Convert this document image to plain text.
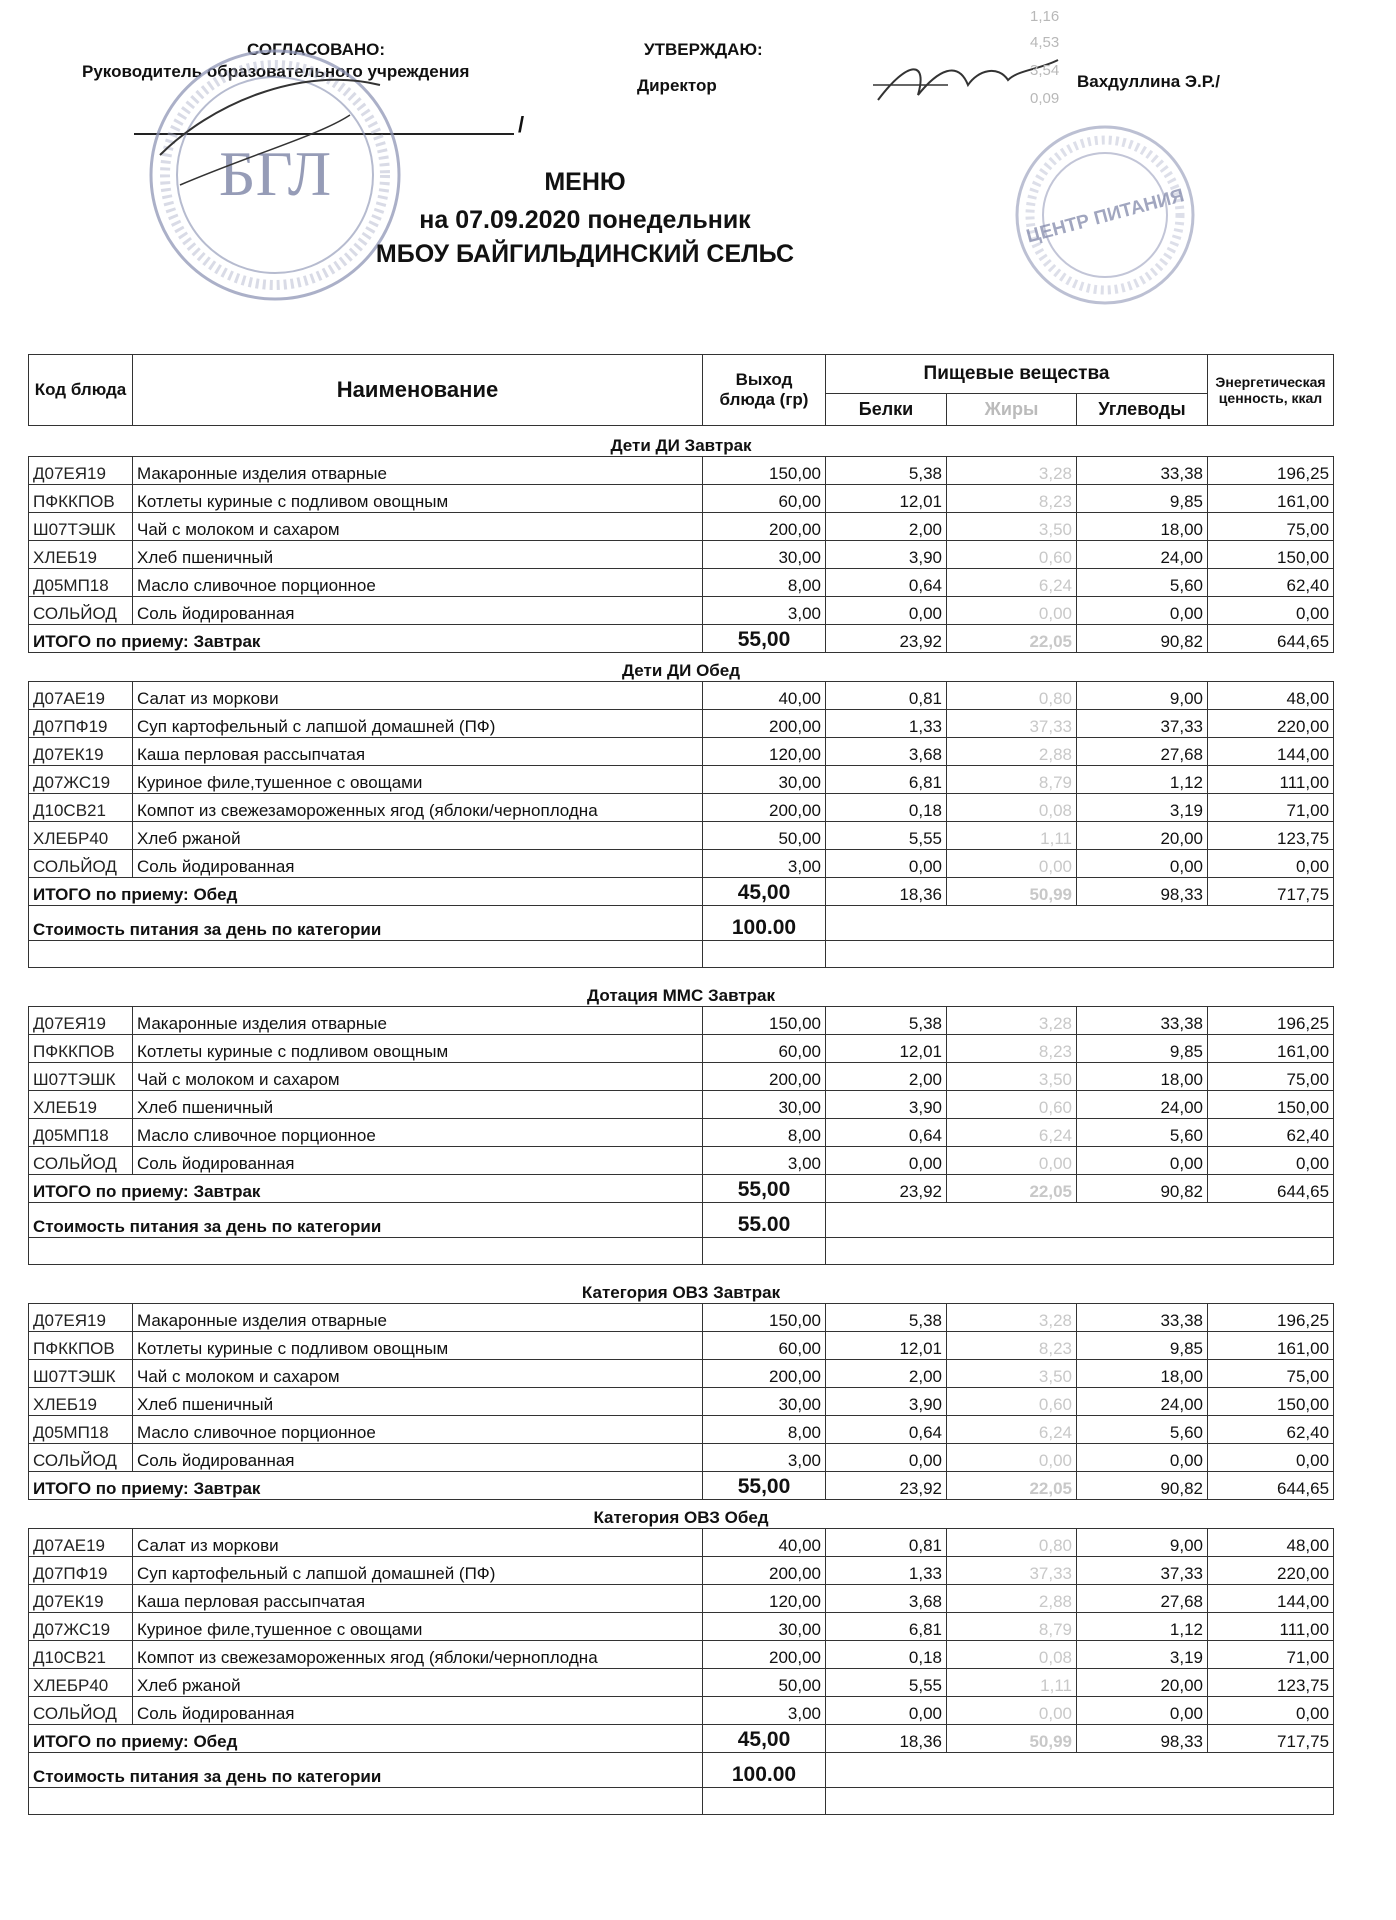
СОГЛАСОВАНО:
Руководитель образовательного учреждения
УТВЕРЖДАЮ:
Директор	Вахдуллина Э.Р./
/
БГЛ
ЦЕНТР ПИТАНИЯ
1,16
4,53
3,54
0,09
МЕНЮ
на 07.09.2020 понедельник
МБОУ БАЙГИЛЬДИНСКИЙ СЕЛЬС
Код блюда	Наименование	Выход блюда (гр)	Пищевые вещества			Энергетическая ценность, ккал
			Белки	Жиры	Углеводы	
Дети ДИ Завтрак						
Д07ЕЯ19	Макаронные изделия отварные	150,00	5,38	3,28	33,38	196,25
ПФККПОВ	Котлеты куриные с подливом овощным	60,00	12,01	8,23	9,85	161,00
Ш07ТЭШК	Чай с молоком и сахаром	200,00	2,00	3,50	18,00	75,00
ХЛЕБ19	Хлеб пшеничный	30,00	3,90	0,60	24,00	150,00
Д05МП18	Масло сливочное порционное	8,00	0,64	6,24	5,60	62,40
СОЛЬЙОД	Соль йодированная	3,00	0,00	0,00	0,00	0,00
ИТОГО по приему: Завтрак		55,00	23,92	22,05	90,82	644,65
Дети ДИ Обед						
Д07АЕ19	Салат из моркови	40,00	0,81	0,80	9,00	48,00
Д07ПФ19	Суп картофельный с лапшой домашней (ПФ)	200,00	1,33	37,33	37,33	220,00
Д07ЕК19	Каша перловая рассыпчатая	120,00	3,68	2,88	27,68	144,00
Д07ЖС19	Куриное филе,тушенное с овощами	30,00	6,81	8,79	1,12	111,00
Д10СВ21	Компот из свежезамороженных ягод (яблоки/черноплодна	200,00	0,18	0,08	3,19	71,00
ХЛЕБР40	Хлеб ржаной	50,00	5,55	1,11	20,00	123,75
СОЛЬЙОД	Соль йодированная	3,00	0,00	0,00	0,00	0,00
ИТОГО по приему: Обед		45,00	18,36	50,99	98,33	717,75
Стоимость питания за день по категории		100.00				

Дотация ММС Завтрак						
Д07ЕЯ19	Макаронные изделия отварные	150,00	5,38	3,28	33,38	196,25
ПФККПОВ	Котлеты куриные с подливом овощным	60,00	12,01	8,23	9,85	161,00
Ш07ТЭШК	Чай с молоком и сахаром	200,00	2,00	3,50	18,00	75,00
ХЛЕБ19	Хлеб пшеничный	30,00	3,90	0,60	24,00	150,00
Д05МП18	Масло сливочное порционное	8,00	0,64	6,24	5,60	62,40
СОЛЬЙОД	Соль йодированная	3,00	0,00	0,00	0,00	0,00
ИТОГО по приему: Завтрак		55,00	23,92	22,05	90,82	644,65
Стоимость питания за день по категории		55.00				

Категория ОВЗ Завтрак						
Д07ЕЯ19	Макаронные изделия отварные	150,00	5,38	3,28	33,38	196,25
ПФККПОВ	Котлеты куриные с подливом овощным	60,00	12,01	8,23	9,85	161,00
Ш07ТЭШК	Чай с молоком и сахаром	200,00	2,00	3,50	18,00	75,00
ХЛЕБ19	Хлеб пшеничный	30,00	3,90	0,60	24,00	150,00
Д05МП18	Масло сливочное порционное	8,00	0,64	6,24	5,60	62,40
СОЛЬЙОД	Соль йодированная	3,00	0,00	0,00	0,00	0,00
ИТОГО по приему: Завтрак		55,00	23,92	22,05	90,82	644,65
Категория ОВЗ Обед						
Д07АЕ19	Салат из моркови	40,00	0,81	0,80	9,00	48,00
Д07ПФ19	Суп картофельный с лапшой домашней (ПФ)	200,00	1,33	37,33	37,33	220,00
Д07ЕК19	Каша перловая рассыпчатая	120,00	3,68	2,88	27,68	144,00
Д07ЖС19	Куриное филе,тушенное с овощами	30,00	6,81	8,79	1,12	111,00
Д10СВ21	Компот из свежезамороженных ягод (яблоки/черноплодна	200,00	0,18	0,08	3,19	71,00
ХЛЕБР40	Хлеб ржаной	50,00	5,55	1,11	20,00	123,75
СОЛЬЙОД	Соль йодированная	3,00	0,00	0,00	0,00	0,00
ИТОГО по приему: Обед		45,00	18,36	50,99	98,33	717,75
Стоимость питания за день по категории		100.00				
